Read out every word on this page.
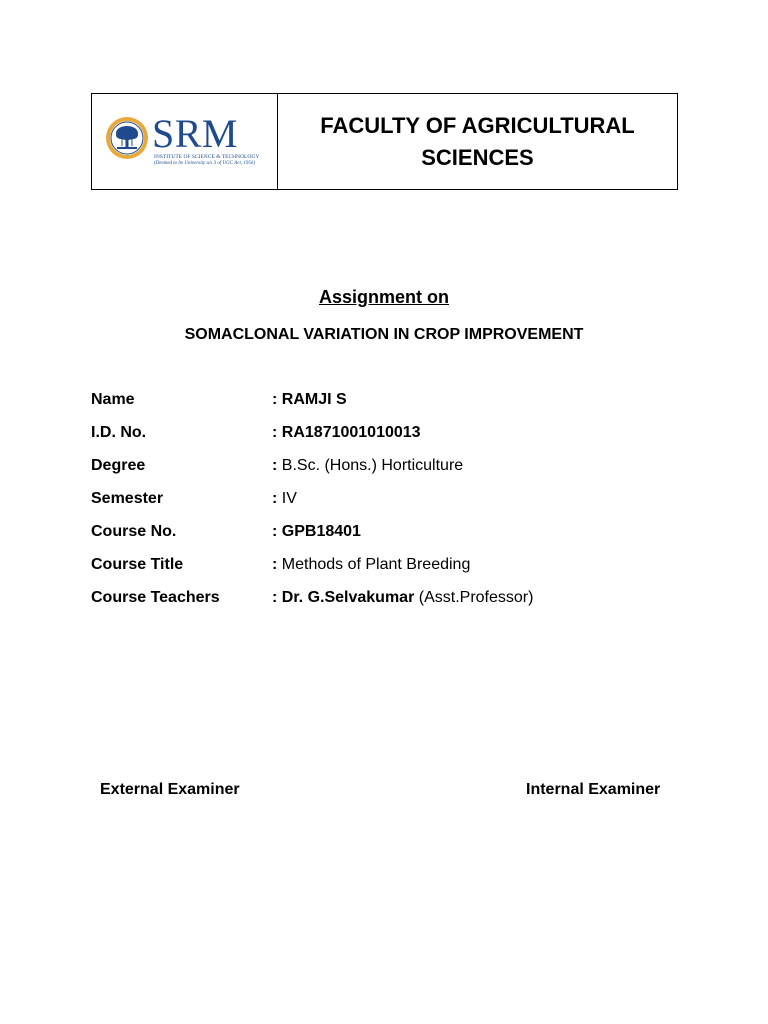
SRM
INSTITUTE OF SCIENCE & TECHNOLOGY
(Deemed to be University u/s 3 of UGC Act, 1956)
FACULTY OF AGRICULTURAL SCIENCES
Assignment on
SOMACLONAL VARIATION IN CROP IMPROVEMENT
Name	: RAMJI S
I.D. No.	: RA1871001010013
Degree	: B.Sc. (Hons.) Horticulture
Semester	: IV
Course No.	: GPB18401
Course Title	: Methods of Plant Breeding
Course Teachers	: Dr. G.Selvakumar (Asst.Professor)
External Examiner	Internal Examiner
